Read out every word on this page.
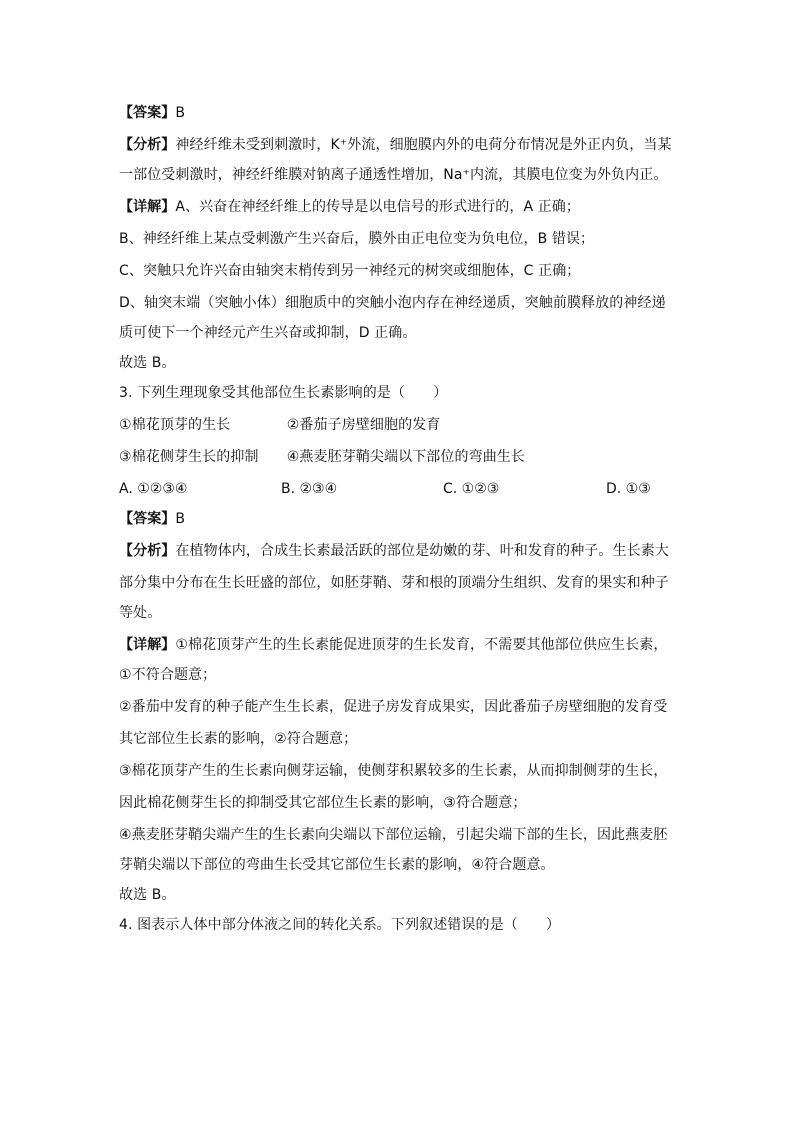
【答案】B
【分析】神经纤维未受到刺激时，K⁺外流，细胞膜内外的电荷分布情况是外正内负，当某
一部位受刺激时，神经纤维膜对钠离子通透性增加，Na⁺内流，其膜电位变为外负内正。
【详解】A、兴奋在神经纤维上的传导是以电信号的形式进行的，A 正确；
B、神经纤维上某点受刺激产生兴奋后，膜外由正电位变为负电位，B 错误；
C、突触只允许兴奋由轴突末梢传到另一神经元的树突或细胞体，C 正确；
D、轴突末端（突触小体）细胞质中的突触小泡内存在神经递质，突触前膜释放的神经递
质可使下一个神经元产生兴奋或抑制，D 正确。
故选 B。
3. 下列生理现象受其他部位生长素影响的是（　　）
①棉花顶芽的生长　　　　②番茄子房壁细胞的发育
③棉花侧芽生长的抑制　　④燕麦胚芽鞘尖端以下部位的弯曲生长
A. ①②③④	B. ②③④	C. ①②③	D. ①③
【答案】B
【分析】在植物体内，合成生长素最活跃的部位是幼嫩的芽、叶和发育的种子。生长素大
部分集中分布在生长旺盛的部位，如胚芽鞘、芽和根的顶端分生组织、发育的果实和种子
等处。
【详解】①棉花顶芽产生的生长素能促进顶芽的生长发育，不需要其他部位供应生长素，
①不符合题意；
②番茄中发育的种子能产生生长素，促进子房发育成果实，因此番茄子房壁细胞的发育受
其它部位生长素的影响，②符合题意；
③棉花顶芽产生的生长素向侧芽运输，使侧芽积累较多的生长素，从而抑制侧芽的生长，
因此棉花侧芽生长的抑制受其它部位生长素的影响，③符合题意；
④燕麦胚芽鞘尖端产生的生长素向尖端以下部位运输，引起尖端下部的生长，因此燕麦胚
芽鞘尖端以下部位的弯曲生长受其它部位生长素的影响，④符合题意。
故选 B。
4. 图表示人体中部分体液之间的转化关系。下列叙述错误的是（　　）
